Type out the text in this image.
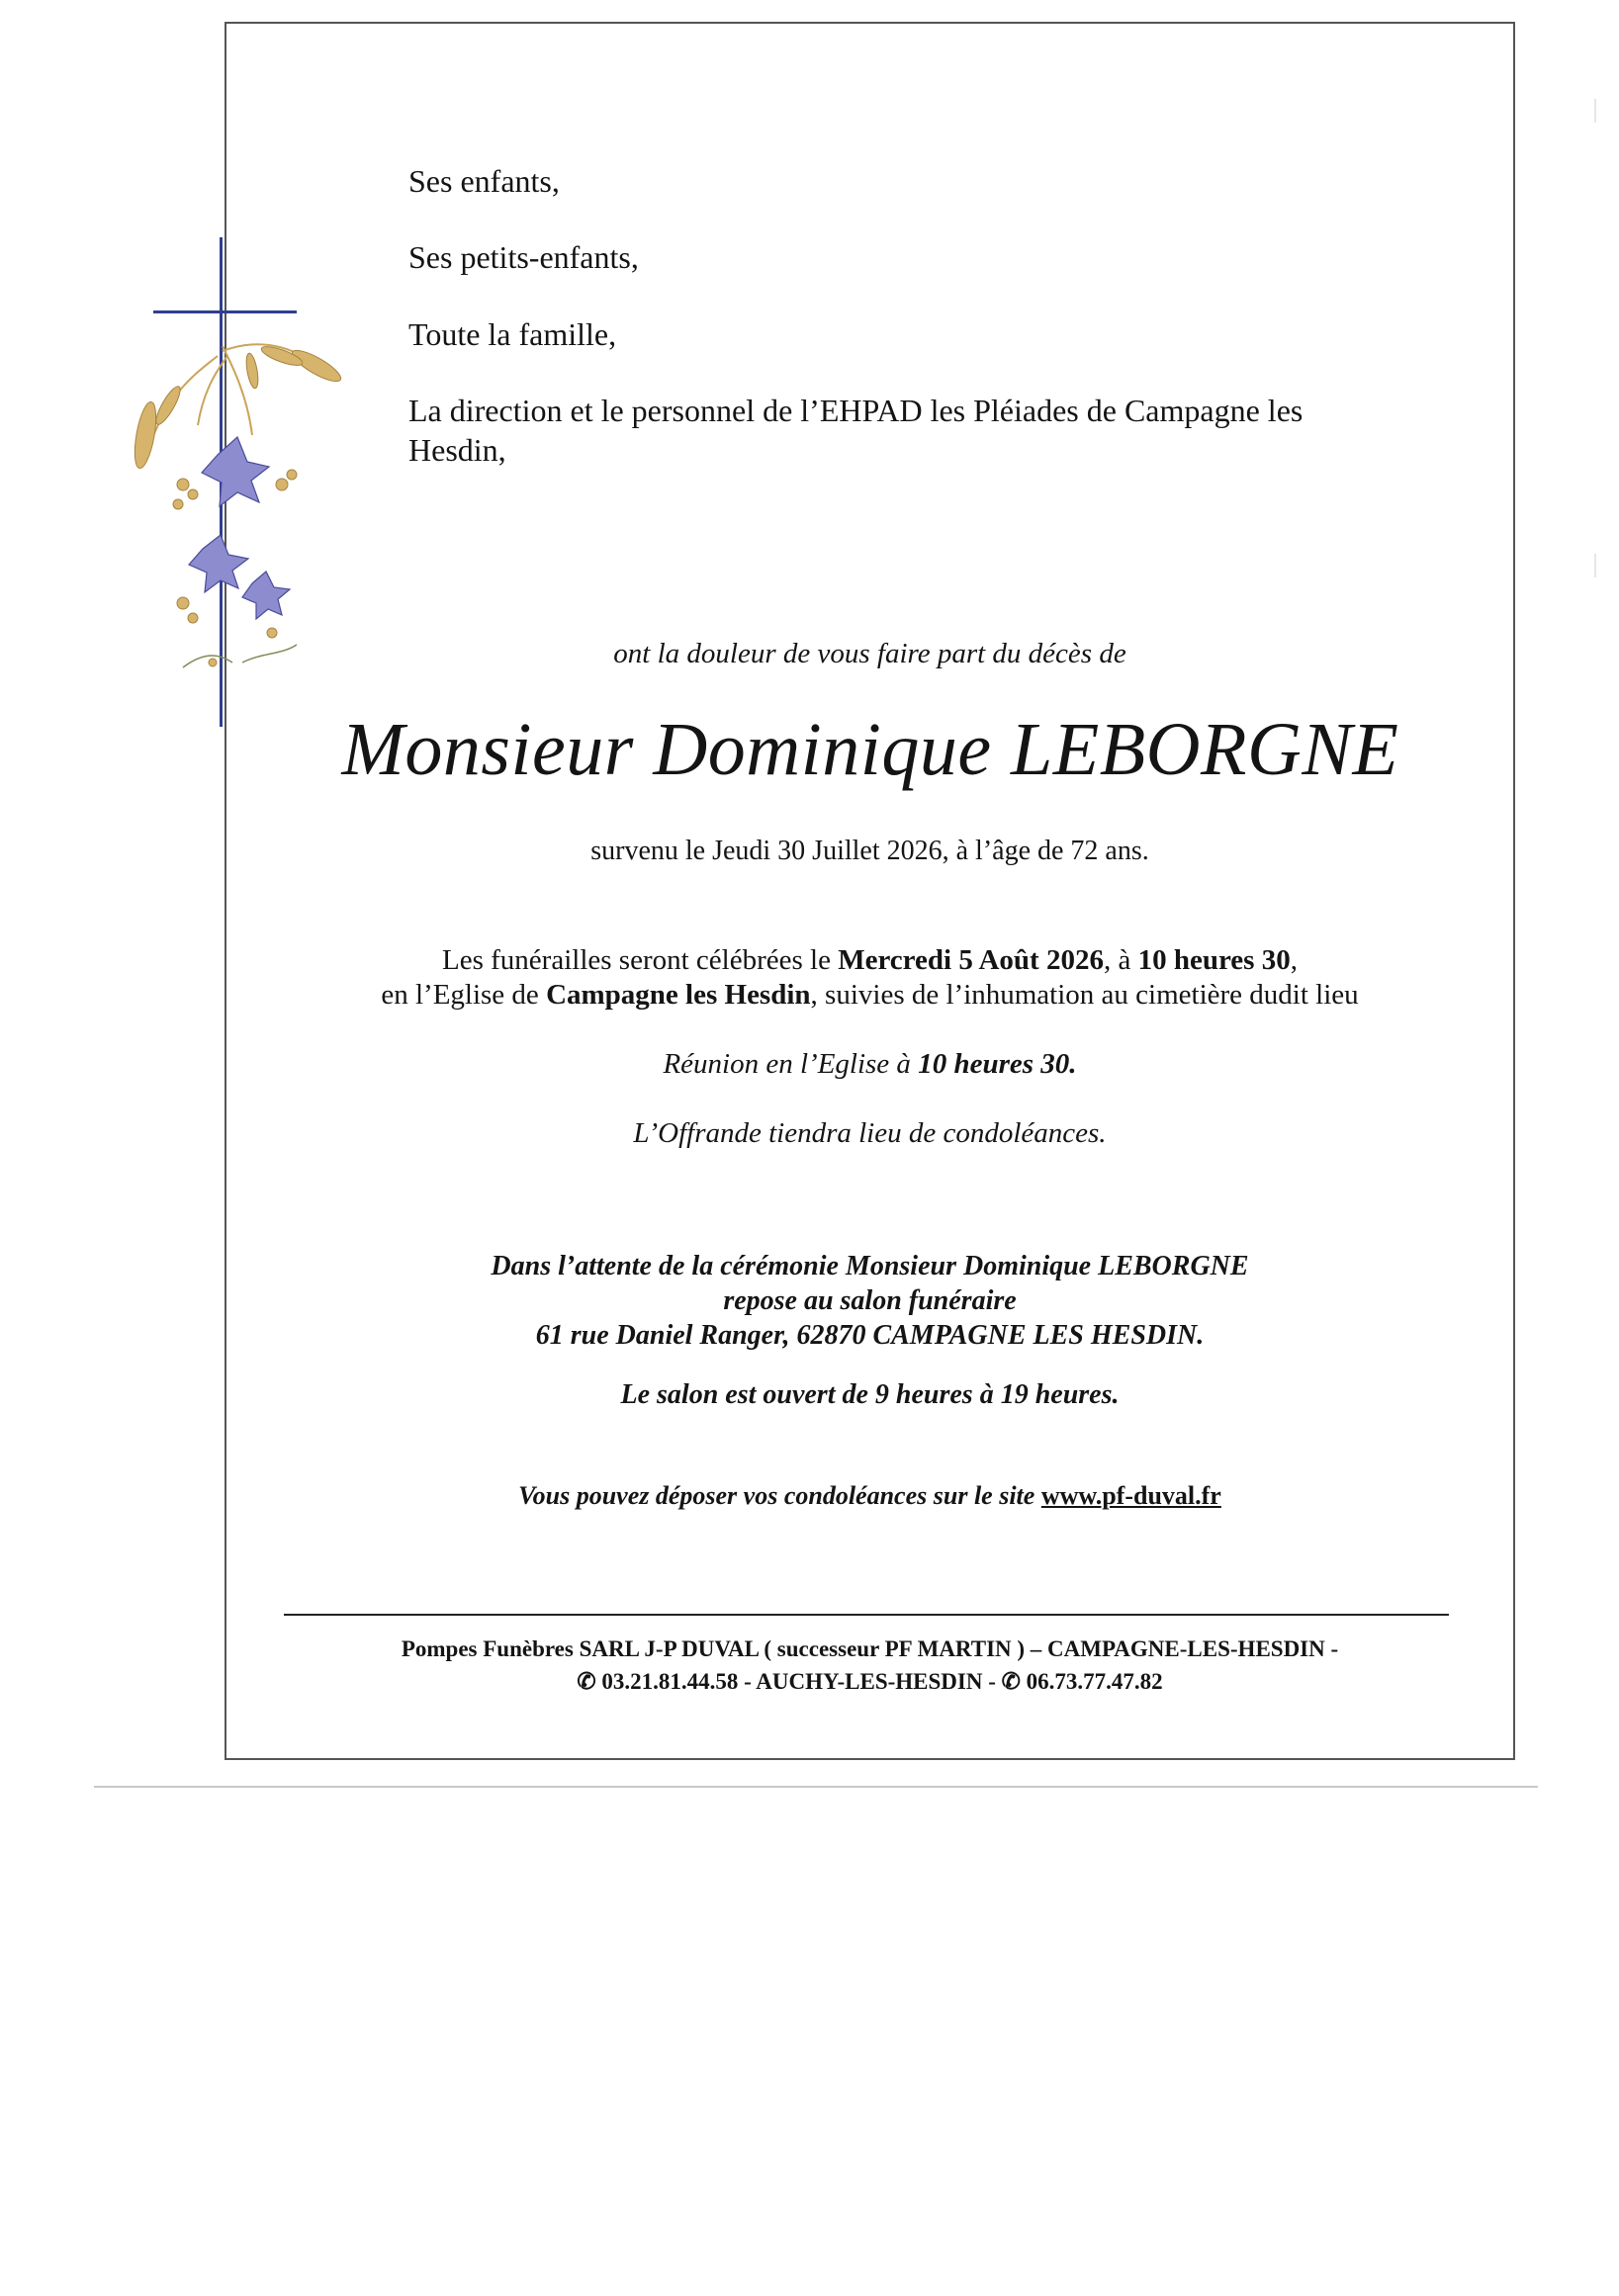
Ses enfants,

Ses petits-enfants,

Toute la famille,

La direction et le personnel de l’EHPAD les Pléiades de Campagne les Hesdin,

ont la douleur de vous faire part du décès de

Monsieur Dominique LEBORGNE

survenu le Jeudi 30 Juillet 2026, à l’âge de 72 ans.

Les funérailles seront célébrées le Mercredi 5 Août 2026, à 10 heures 30,

en l’Eglise de Campagne les Hesdin, suivies de l’inhumation au cimetière dudit lieu

Réunion en l’Eglise à 10 heures 30.

L’Offrande tiendra lieu de condoléances.

Dans l’attente de la cérémonie Monsieur Dominique LEBORGNE

repose au salon funéraire

61 rue Daniel Ranger, 62870 CAMPAGNE LES HESDIN.

Le salon est ouvert de 9 heures à 19 heures.

Vous pouvez déposer vos condoléances sur le site www.pf-duval.fr

Pompes Funèbres SARL J-P DUVAL ( successeur PF MARTIN ) – CAMPAGNE-LES-HESDIN -

✆ 03.21.81.44.58 - AUCHY-LES-HESDIN - ✆ 06.73.77.47.82
